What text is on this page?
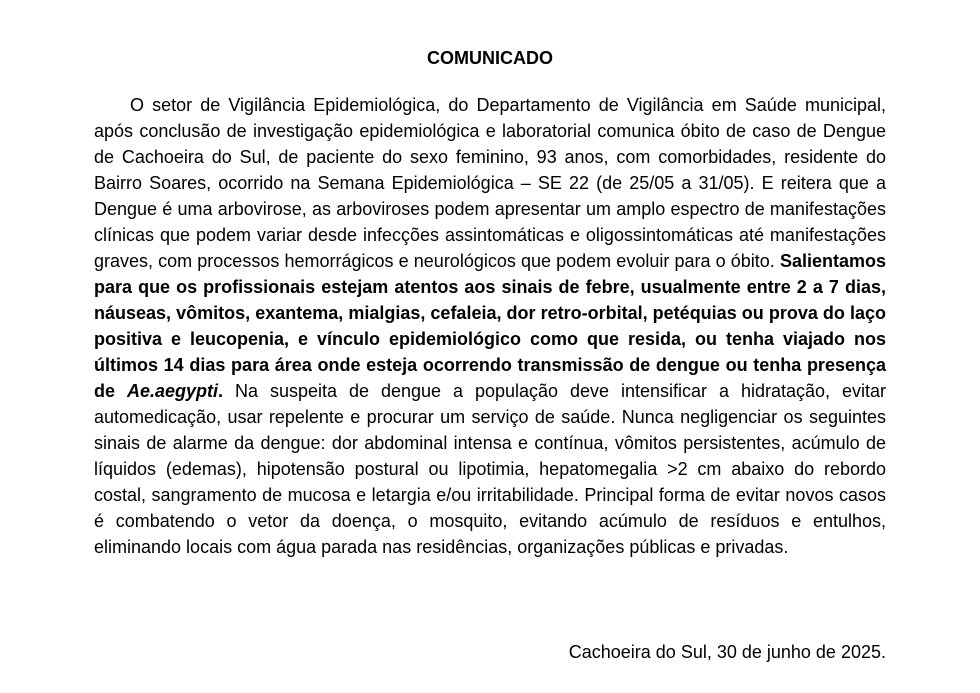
COMUNICADO

O setor de Vigilância Epidemiológica, do Departamento de Vigilância em Saúde municipal, após conclusão de investigação epidemiológica e laboratorial comunica óbito de caso de Dengue de Cachoeira do Sul, de paciente do sexo feminino, 93 anos, com comorbidades, residente do Bairro Soares, ocorrido na Semana Epidemiológica – SE 22 (de 25/05 a 31/05). E reitera que a Dengue é uma arbovirose, as arboviroses podem apresentar um amplo espectro de manifestações clínicas que podem variar desde infecções assintomáticas e oligossintomáticas até manifestações graves, com processos hemorrágicos e neurológicos que podem evoluir para o óbito. Salientamos para que os profissionais estejam atentos aos sinais de febre, usualmente entre 2 a 7 dias, náuseas, vômitos, exantema, mialgias, cefaleia, dor retro-orbital, petéquias ou prova do laço positiva e leucopenia, e vínculo epidemiológico como que resida, ou tenha viajado nos últimos 14 dias para área onde esteja ocorrendo transmissão de dengue ou tenha presença de Ae.aegypti. Na suspeita de dengue a população deve intensificar a hidratação, evitar automedicação, usar repelente e procurar um serviço de saúde. Nunca negligenciar os seguintes sinais de alarme da dengue: dor abdominal intensa e contínua, vômitos persistentes, acúmulo de líquidos (edemas), hipotensão postural ou lipotimia, hepatomegalia >2 cm abaixo do rebordo costal, sangramento de mucosa e letargia e/ou irritabilidade. Principal forma de evitar novos casos é combatendo o vetor da doença, o mosquito, evitando acúmulo de resíduos e entulhos, eliminando locais com água parada nas residências, organizações públicas e privadas.

Cachoeira do Sul, 30 de junho de 2025.
